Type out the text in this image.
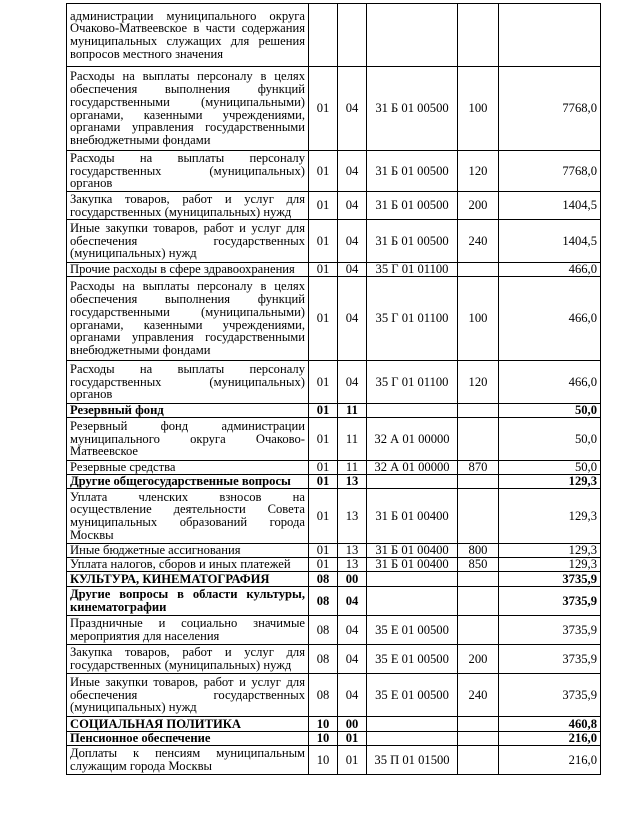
администрации муниципального округа Очаково-Матвеевское в части содержания муниципальных служащих для решения вопросов местного значения					
Расходы на выплаты персоналу в целях обеспечения выполнения функций государственными (муниципальными) органами, казенными учреждениями, органами управления государственными внебюджетными фондами	01	04	31 Б 01 00500	100	7768,0
Расходы на выплаты персоналу государственных (муниципальных) органов	01	04	31 Б 01 00500	120	7768,0
Закупка товаров, работ и услуг для государственных (муниципальных) нужд	01	04	31 Б 01 00500	200	1404,5
Иные закупки товаров, работ и услуг для обеспечения государственных (муниципальных) нужд	01	04	31 Б 01 00500	240	1404,5
Прочие расходы в сфере здравоохранения	01	04	35 Г 01 01100		466,0
Расходы на выплаты персоналу в целях обеспечения выполнения функций государственными (муниципальными) органами, казенными учреждениями, органами управления государственными внебюджетными фондами	01	04	35 Г 01 01100	100	466,0
Расходы на выплаты персоналу государственных (муниципальных) органов	01	04	35 Г 01 01100	120	466,0
Резервный фонд	01	11			50,0
Резервный фонд администрации муниципального округа Очаково-Матвеевское	01	11	32 А 01 00000		50,0
Резервные средства	01	11	32 А 01 00000	870	50,0
Другие общегосударственные вопросы	01	13			129,3
Уплата членских взносов на осуществление деятельности Совета муниципальных образований города Москвы	01	13	31 Б 01 00400		129,3
Иные бюджетные ассигнования	01	13	31 Б 01 00400	800	129,3
Уплата налогов, сборов и иных платежей	01	13	31 Б 01 00400	850	129,3
КУЛЬТУРА, КИНЕМАТОГРАФИЯ	08	00			3735,9
Другие вопросы в области культуры, кинематографии	08	04			3735,9
Праздничные и социально значимые мероприятия для населения	08	04	35 Е 01 00500		3735,9
Закупка товаров, работ и услуг для государственных (муниципальных) нужд	08	04	35 Е 01 00500	200	3735,9
Иные закупки товаров, работ и услуг для обеспечения государственных (муниципальных) нужд	08	04	35 Е 01 00500	240	3735,9
СОЦИАЛЬНАЯ ПОЛИТИКА	10	00			460,8
Пенсионное обеспечение	10	01			216,0
Доплаты к пенсиям муниципальным служащим города Москвы	10	01	35 П 01 01500		216,0
